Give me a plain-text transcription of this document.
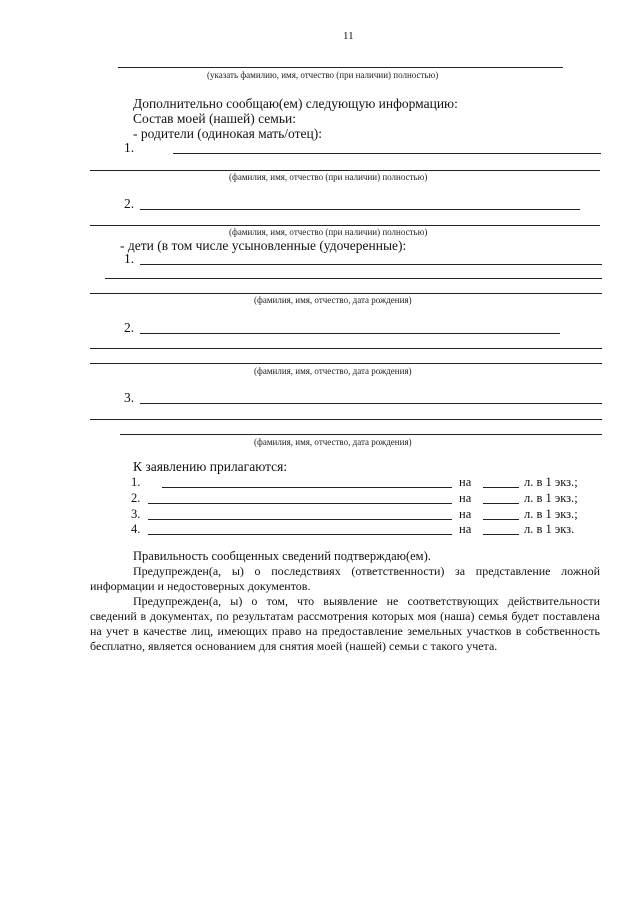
11
(указать фамилию, имя, отчество (при наличии) полностью)
Дополнительно сообщаю(ем) следующую информацию:
Состав моей (нашей) семьи:
- родители (одинокая мать/отец):
1.
(фамилия, имя, отчество (при наличии) полностью)
2.
(фамилия, имя, отчество (при наличии) полностью)
- дети (в том числе усыновленные (удочеренные):
1.
(фамилия, имя, отчество, дата рождения)
2.
(фамилия, имя, отчество, дата рождения)
3.
(фамилия, имя, отчество, дата рождения)
К заявлению прилагаются:
1.	на	л. в 1 экз.;
2.	на	л. в 1 экз.;
3.	на	л. в 1 экз.;
4.	на	л. в 1 экз.
Правильность сообщенных сведений подтверждаю(ем).
Предупрежден(а, ы) о последствиях (ответственности) за представление ложной информации и недостоверных документов.
Предупрежден(а, ы) о том, что выявление не соответствующих действительности сведений в документах, по результатам рассмотрения которых моя (наша) семья будет поставлена на учет в качестве лиц, имеющих право на предоставление земельных участков в собственность бесплатно, является основанием для снятия моей (нашей) семьи с такого учета.
